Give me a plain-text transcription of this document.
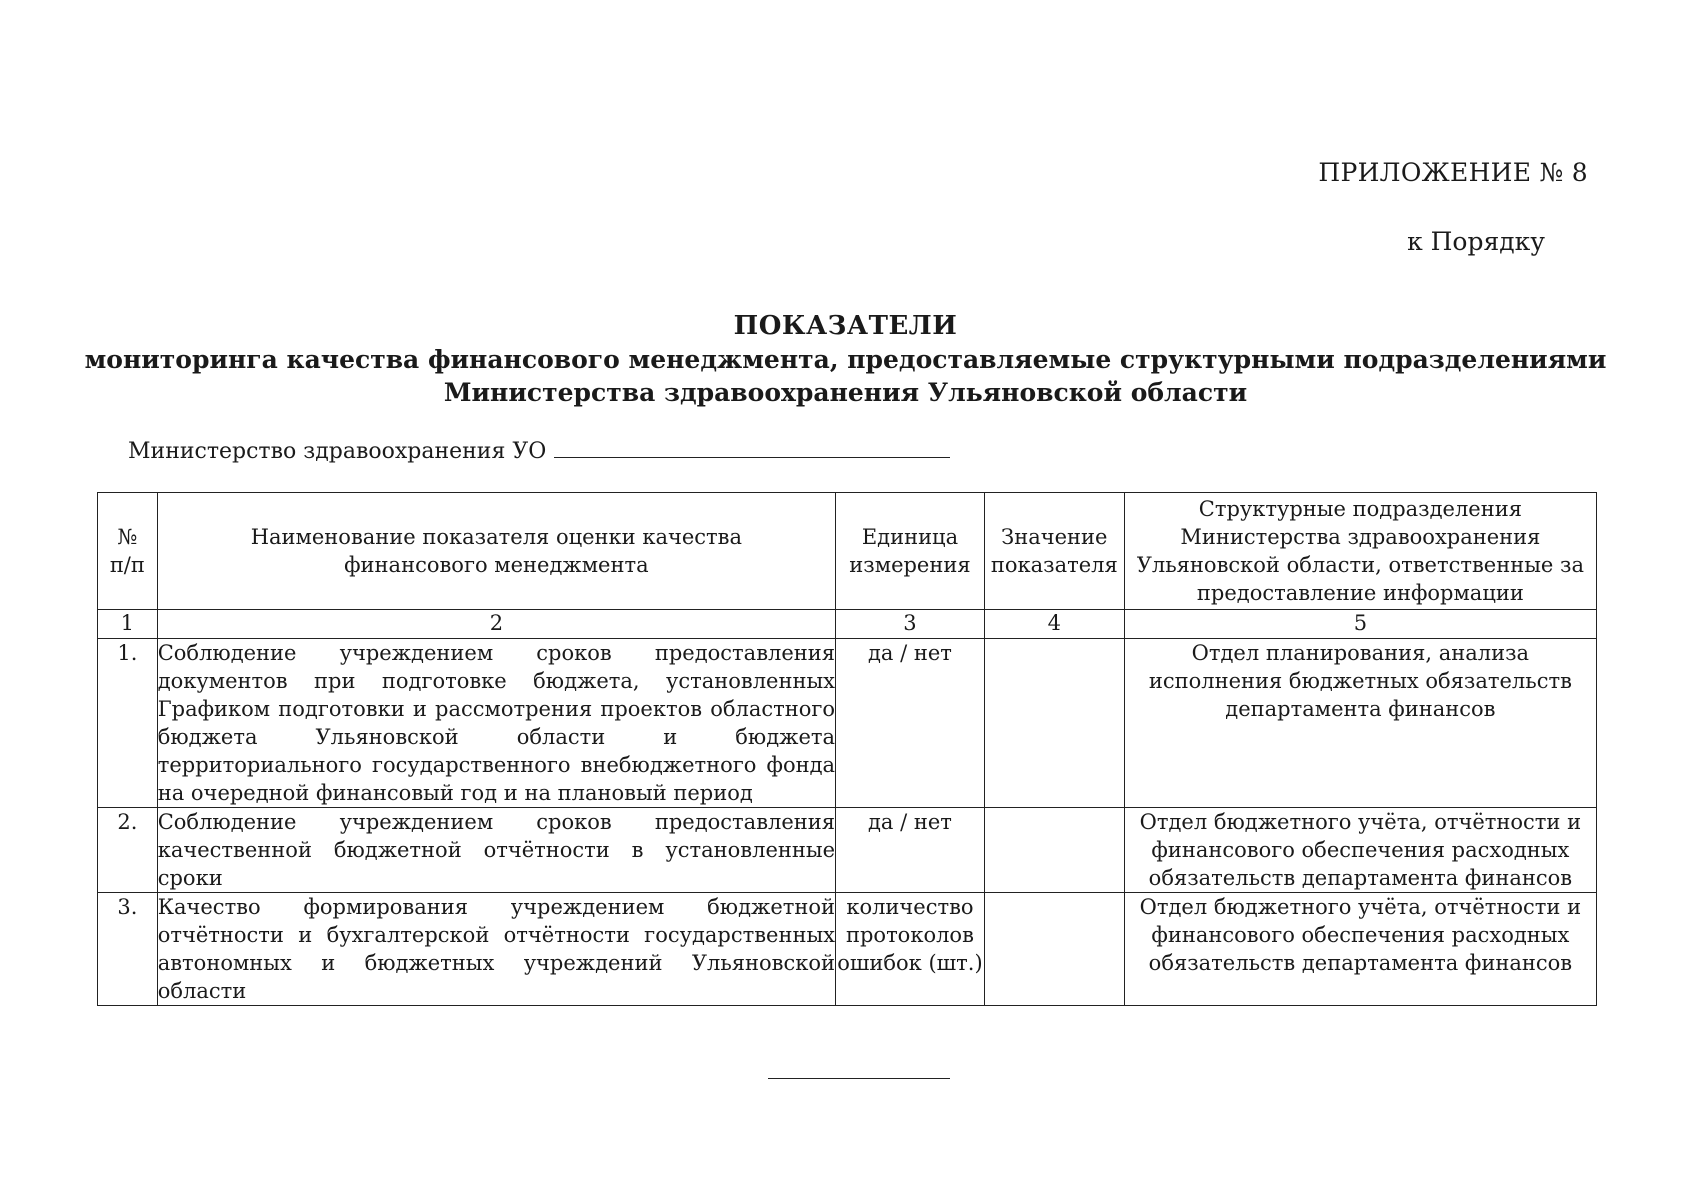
ПРИЛОЖЕНИЕ № 8
к Порядку
ПОКАЗАТЕЛИ
мониторинга качества финансового менеджмента, предоставляемые структурными подразделениями
Министерства здравоохранения Ульяновской области
Министерство здравоохранения УО
№ п/п	Наименование показателя оценки качества финансового менеджмента	Единица измерения	Значение показателя	Структурные подразделения Министерства здравоохранения Ульяновской области, ответственные за предоставление информации
1	2	3	4	5
1.	Соблюдение учреждением сроков предоставления документов при подготовке бюджета, установленных Графиком подготовки и рассмотрения проектов областного бюджета Ульяновской области и бюджета территориального государственного внебюджетного фонда на очередной финансовый год и на плановый период	да / нет		Отдел планирования, анализа исполнения бюджетных обязательств департамента финансов
2.	Соблюдение учреждением сроков предоставления качественной бюджетной отчётности в установленные сроки	да / нет		Отдел бюджетного учёта, отчётности и финансового обеспечения расходных обязательств департамента финансов
3.	Качество формирования учреждением бюджетной отчётности и бухгалтерской отчётности государственных автономных и бюджетных учреждений Ульяновской области	количество протоколов ошибок (шт.)		Отдел бюджетного учёта, отчётности и финансового обеспечения расходных обязательств департамента финансов
